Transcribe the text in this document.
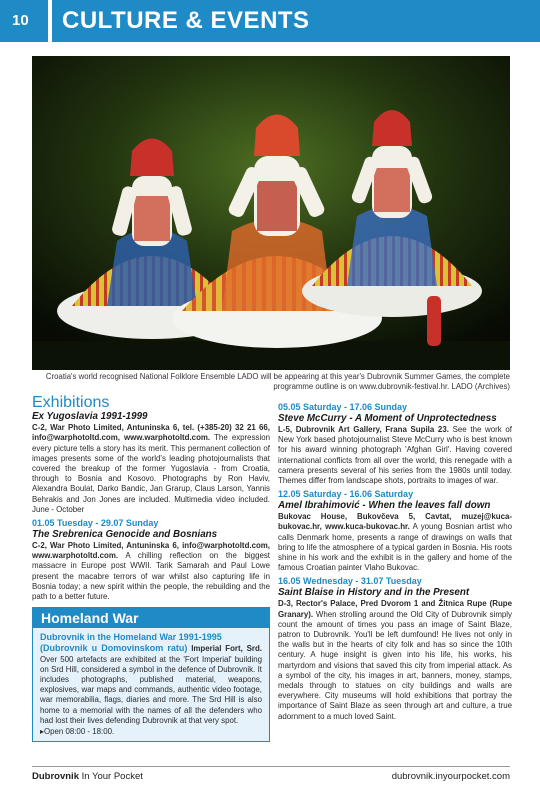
10	CULTURE & EVENTS
Croatia's world recognised National Folklore Ensemble LADO will be appearing at this year's Dubrovnik Summer Games, the complete programme outline is on www.dubrovnik-festival.hr. LADO (Archives)
Exhibitions
Ex Yugoslavia 1991-1999

C-2, War Photo Limited, Antuninska 6, tel. (+385-20) 32 21 66, info@warphotoltd.com, www.warphotoltd.com. The expression every picture tells a story has its merit. This permanent collection of images presents some of the world's leading photojournalists that covered the breakup of the former Yugoslavia - from Croatia, through to Bosnia and Kosovo. Photographs by Ron Haviv, Alexandra Boulat, Darko Bandic, Jan Grarup, Claus Larson, Yannis Behrakis and Jon Jones are included. Multimedia video included. June - October

01.05 Tuesday - 29.07 Sunday
The Srebrenica Genocide and Bosnians

C-2, War Photo Limited, Antuninska 6, info@warphotoltd.com, www.warphotoltd.com. A chilling reflection on the biggest massacre in Europe post WWII. Tarik Samarah and Paul Lowe present the macabre terrors of war whilst also capturing life in Bosnia today; a new spirit within the people, the rebuilding and the path to a better future.

Homeland War

Dubrovnik in the Homeland War 1991-1995
(Dubrovnik u Domovinskom ratu) Imperial Fort, Srd. Over 500 artefacts are exhibited at the 'Fort Imperial' building on Srd Hill, considered a symbol in the defence of Dubrovnik. It includes photographs, published material, weapons, explosives, war maps and commands, authentic video footage, war memorabilia, flags, diaries and more. The Srd Hill is also home to a memorial with the names of all the defenders who had lost their lives defending Dubrovnik at that very spot.

▸Open 08:00 - 18:00.
05.05 Saturday - 17.06 Sunday
Steve McCurry - A Moment of Unprotectedness

L-5, Dubrovnik Art Gallery, Frana Supila 23. See the work of New York based photojournalist Steve McCurry who is best known for his award winning photograph 'Afghan Girl'. Having covered international conflicts from all over the world, this renegade with a camera presents several of his series from the 1980s until today. Themes differ from landscape shots, portraits to images of war.

12.05 Saturday - 16.06 Saturday
Amel Ibrahimović - When the leaves fall down

Bukovac House, Bukovčeva 5, Cavtat, muzej@kuca-bukovac.hr, www.kuca-bukovac.hr. A young Bosnian artist who calls Denmark home, presents a range of drawings on walls that bring to life the atmosphere of a typical garden in Bosnia. His roots shine in his work and the exhibit is in the gallery and home of the famous Croatian painter Vlaho Bukovac.

16.05 Wednesday - 31.07 Tuesday
Saint Blaise in History and in the Present

D-3, Rector's Palace, Pred Dvorom 1 and Žitnica Rupe (Rupe Granary). When strolling around the Old City of Dubrovnik simply count the amount of times you pass an image of Saint Blaze, patron to Dubrovnik. You'll be left dumfound! He lives not only in the walls but in the hearts of city folk and has so since the 10th century. A huge insight is given into his life, his works, his martyrdom and visions that saved this city from imperial attack. As a symbol of the city, his images in art, banners, money, stamps, medals through to statues on city buildings and walls are everywhere. City museums will hold exhibitions that portray the importance of Saint Blaze as seen through art and culture, a true adornment to a much loved Saint.

Dubrovnik In Your Pocket	dubrovnik.inyourpocket.com
